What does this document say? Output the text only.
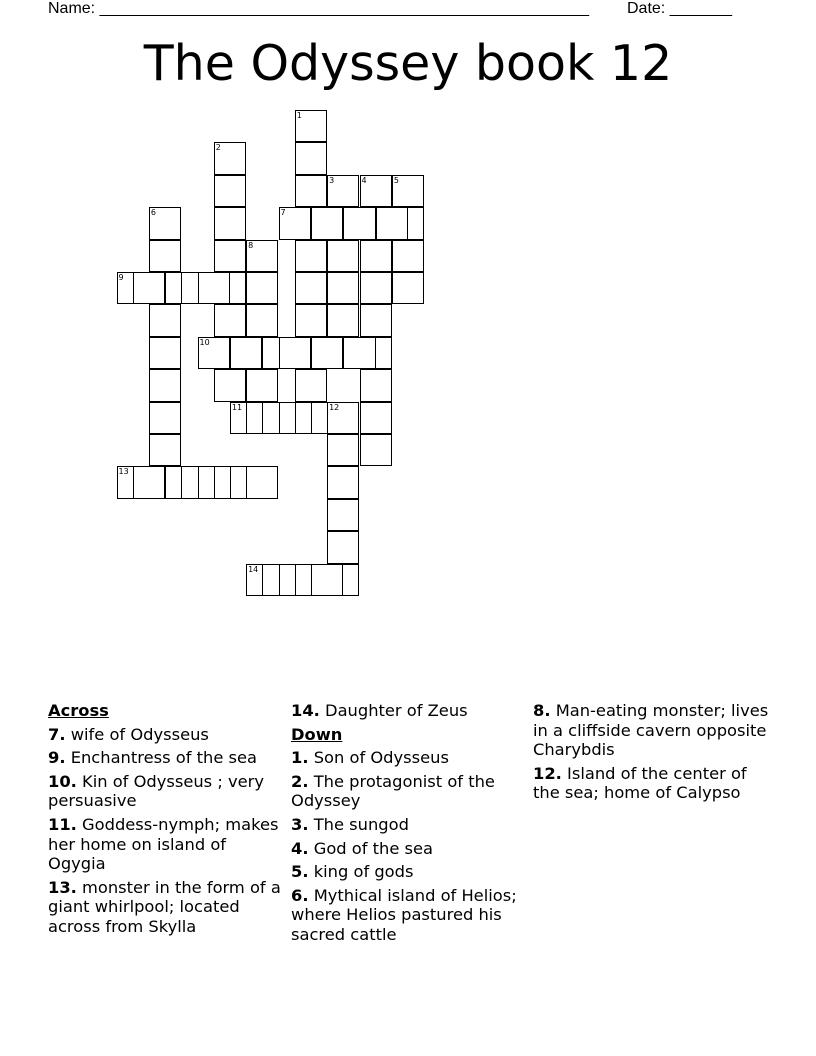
Name: _______________________________________________________ Date: _______
The Odyssey book 12
1
2
3	4	5
6	7
8
9
10
11	12
13
14
Across
7. wife of Odysseus
9. Enchantress of the sea
10. Kin of Odysseus ; very persuasive
11. Goddess-nymph; makes her home on island of Ogygia
13. monster in the form of a giant whirlpool; located across from Skylla
14. Daughter of Zeus
Down
1. Son of Odysseus
2. The protagonist of the Odyssey
3. The sungod
4. God of the sea
5. king of gods
6. Mythical island of Helios; where Helios pastured his sacred cattle
8. Man-eating monster; lives in a cliffside cavern opposite Charybdis
12. Island of the center of the sea; home of Calypso
